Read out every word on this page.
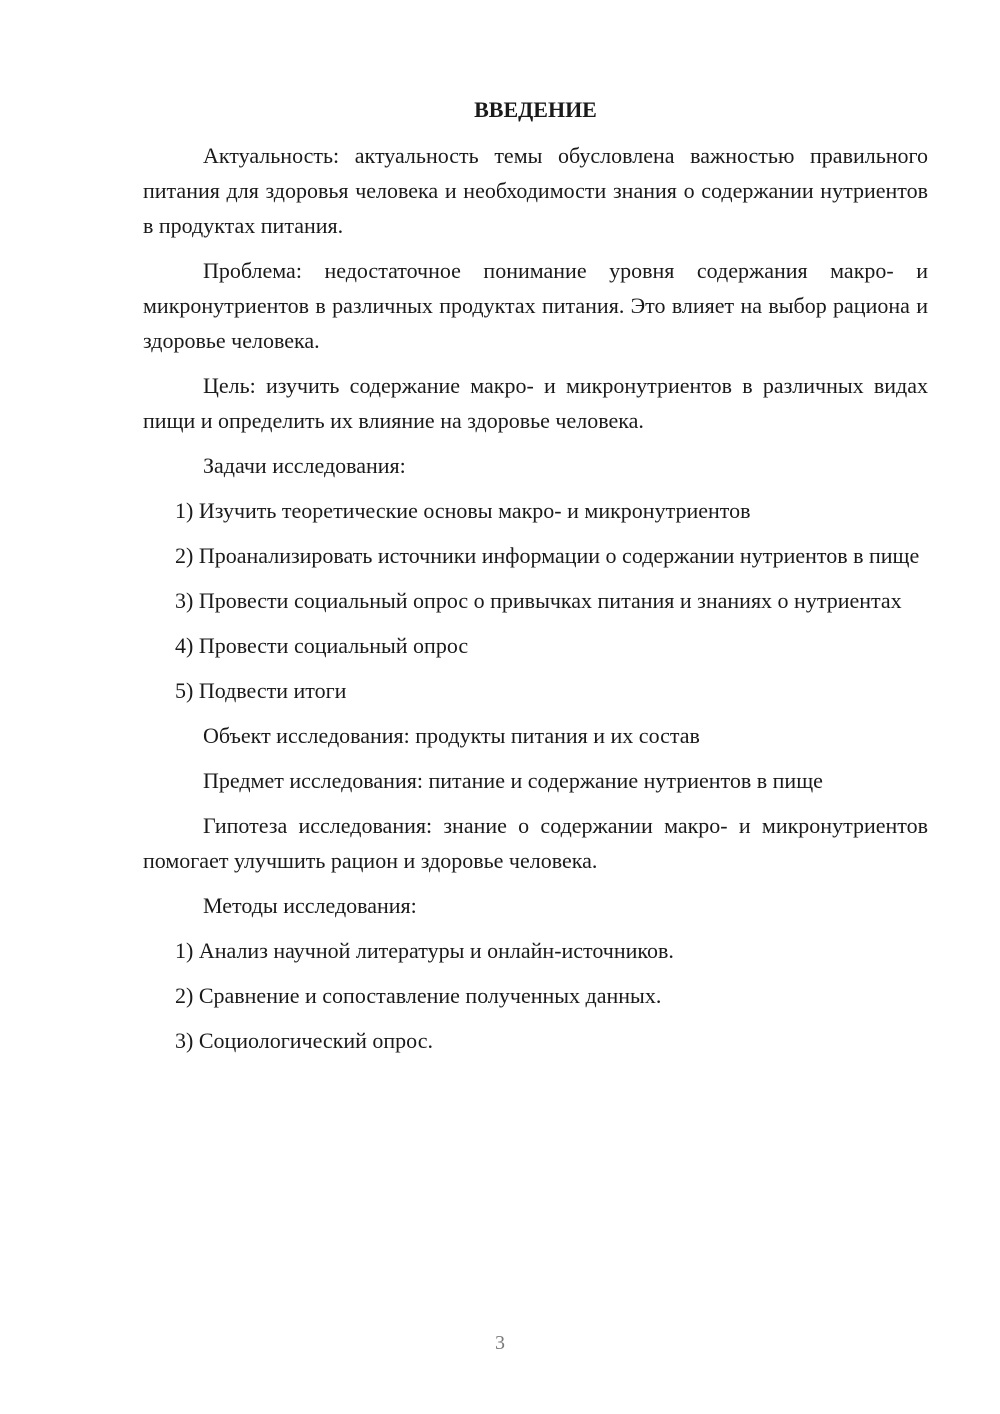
ВВЕДЕНИЕ

Актуальность: актуальность темы обусловлена важностью правильного питания для здоровья человека и необходимости знания о содержании нутриентов в продуктах питания.

Проблема: недостаточное понимание уровня содержания макро- и микронутриентов в различных продуктах питания. Это влияет на выбор рациона и здоровье человека.

Цель: изучить содержание макро- и микронутриентов в различных видах пищи и определить их влияние на здоровье человека.

Задачи исследования:

1) Изучить теоретические основы макро- и микронутриентов

2) Проанализировать источники информации о содержании нутриентов в пище

3) Провести социальный опрос о привычках питания и знаниях о нутриентах

4) Провести социальный опрос

5) Подвести итоги

Объект исследования: продукты питания и их состав

Предмет исследования: питание и содержание нутриентов в пище

Гипотеза исследования: знание о содержании макро- и микронутриентов помогает улучшить рацион и здоровье человека.

Методы исследования:

1) Анализ научной литературы и онлайн-источников.

2) Сравнение и сопоставление полученных данных.

3) Социологический опрос.

3
